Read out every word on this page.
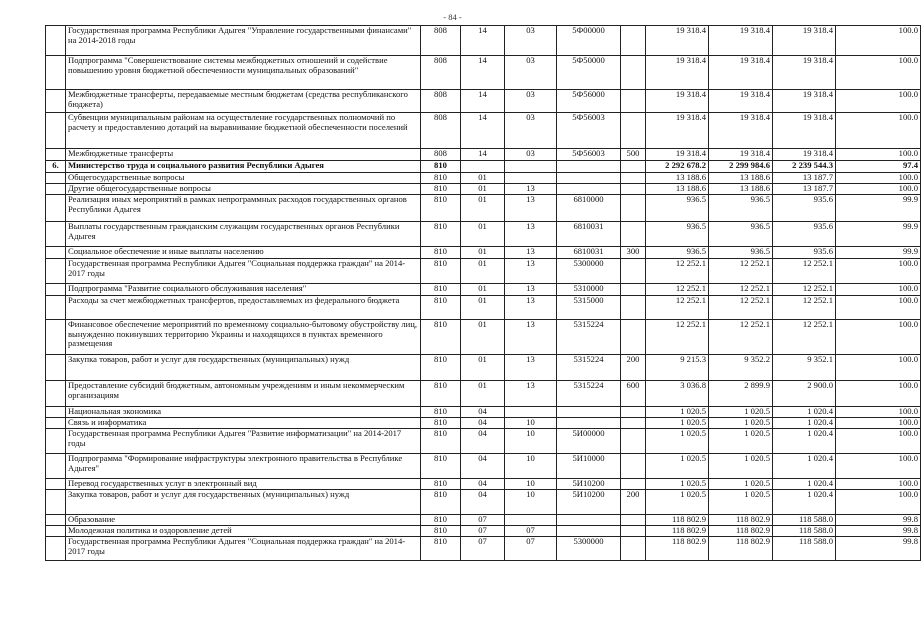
- 84 -
	Государственная программа Республики Адыгея "Управление государственными финансами" на 2014-2018 годы	808	14	03	5Ф00000		19 318.4	19 318.4	19 318.4	100.0
	Подпрограмма "Совершенствование системы межбюджетных отношений и содействие повышению уровня бюджетной обеспеченности муниципальных образований"	808	14	03	5Ф50000		19 318.4	19 318.4	19 318.4	100.0
	Межбюджетные трансферты, передаваемые местным бюджетам (средства республиканского бюджета)	808	14	03	5Ф56000		19 318.4	19 318.4	19 318.4	100.0
	Субвенции муниципальным районам на осуществление государственных полномочий по расчету и предоставлению дотаций на выравнивание бюджетной обеспеченности поселений	808	14	03	5Ф56003		19 318.4	19 318.4	19 318.4	100.0
	Межбюджетные трансферты	808	14	03	5Ф56003	500	19 318.4	19 318.4	19 318.4	100.0
6.	Министерство труда и социального развития Республики Адыгея	810					2 292 678.2	2 299 984.6	2 239 544.3	97.4
	Общегосударственные вопросы	810	01				13 188.6	13 188.6	13 187.7	100.0
	Другие общегосударственные вопросы	810	01	13			13 188.6	13 188.6	13 187.7	100.0
	Реализация иных мероприятий в рамках непрограммных расходов государственных органов Республики Адыгея	810	01	13	6810000		936.5	936.5	935.6	99.9
	Выплаты государственным гражданским служащим государственных органов Республики Адыгея	810	01	13	6810031		936.5	936.5	935.6	99.9
	Социальное обеспечение и иные выплаты населению	810	01	13	6810031	300	936.5	936.5	935.6	99.9
	Государственная программа Республики Адыгея "Социальная поддержка граждан" на 2014-2017 годы	810	01	13	5300000		12 252.1	12 252.1	12 252.1	100.0
	Подпрограмма "Развитие социального обслуживания населения"	810	01	13	5310000		12 252.1	12 252.1	12 252.1	100.0
	Расходы за счет межбюджетных трансфертов, предоставляемых из федерального бюджета	810	01	13	5315000		12 252.1	12 252.1	12 252.1	100.0
	Финансовое обеспечение мероприятий по временному социально-бытовому обустройству лиц, вынужденно покинувших территорию Украины и находящихся в пунктах временного размещения	810	01	13	5315224		12 252.1	12 252.1	12 252.1	100.0
	Закупка товаров, работ и услуг для государственных (муниципальных) нужд	810	01	13	5315224	200	9 215.3	9 352.2	9 352.1	100.0
	Предоставление субсидий бюджетным, автономным учреждениям и иным некоммерческим организациям	810	01	13	5315224	600	3 036.8	2 899.9	2 900.0	100.0
	Национальная экономика	810	04				1 020.5	1 020.5	1 020.4	100.0
	Связь и информатика	810	04	10			1 020.5	1 020.5	1 020.4	100.0
	Государственная программа Республики Адыгея "Развитие информатизации" на 2014-2017 годы	810	04	10	5И00000		1 020.5	1 020.5	1 020.4	100.0
	Подпрограмма "Формирование инфраструктуры электронного правительства в Республике Адыгея"	810	04	10	5И10000		1 020.5	1 020.5	1 020.4	100.0
	Перевод государственных услуг в электронный вид	810	04	10	5И10200		1 020.5	1 020.5	1 020.4	100.0
	Закупка товаров, работ и услуг для государственных (муниципальных) нужд	810	04	10	5И10200	200	1 020.5	1 020.5	1 020.4	100.0
	Образование	810	07				118 802.9	118 802.9	118 588.0	99.8
	Молодежная политика и оздоровление детей	810	07	07			118 802.9	118 802.9	118 588.0	99.8
	Государственная программа Республики Адыгея "Социальная поддержка граждан" на 2014-2017 годы	810	07	07	5300000		118 802.9	118 802.9	118 588.0	99.8
